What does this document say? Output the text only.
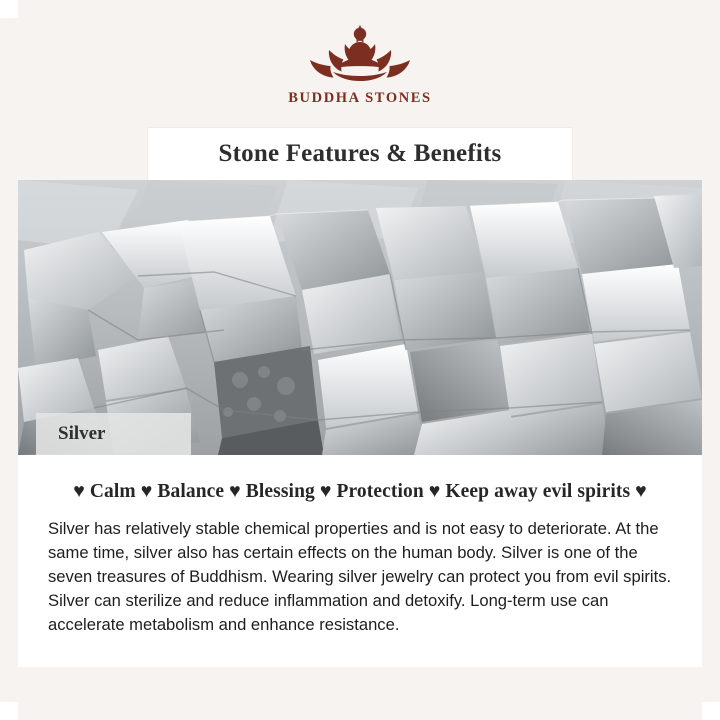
BUDDHA STONES
Stone Features & Benefits
Silver

♥ Calm ♥ Balance ♥ Blessing ♥ Protection ♥ Keep away evil spirits ♥

Silver has relatively stable chemical properties and is not easy to deteriorate. At the same time, silver also has certain effects on the human body. Silver is one of the seven treasures of Buddhism. Wearing silver jewelry can protect you from evil spirits. Silver can sterilize and reduce inflammation and detoxify. Long-term use can accelerate metabolism and enhance resistance.
